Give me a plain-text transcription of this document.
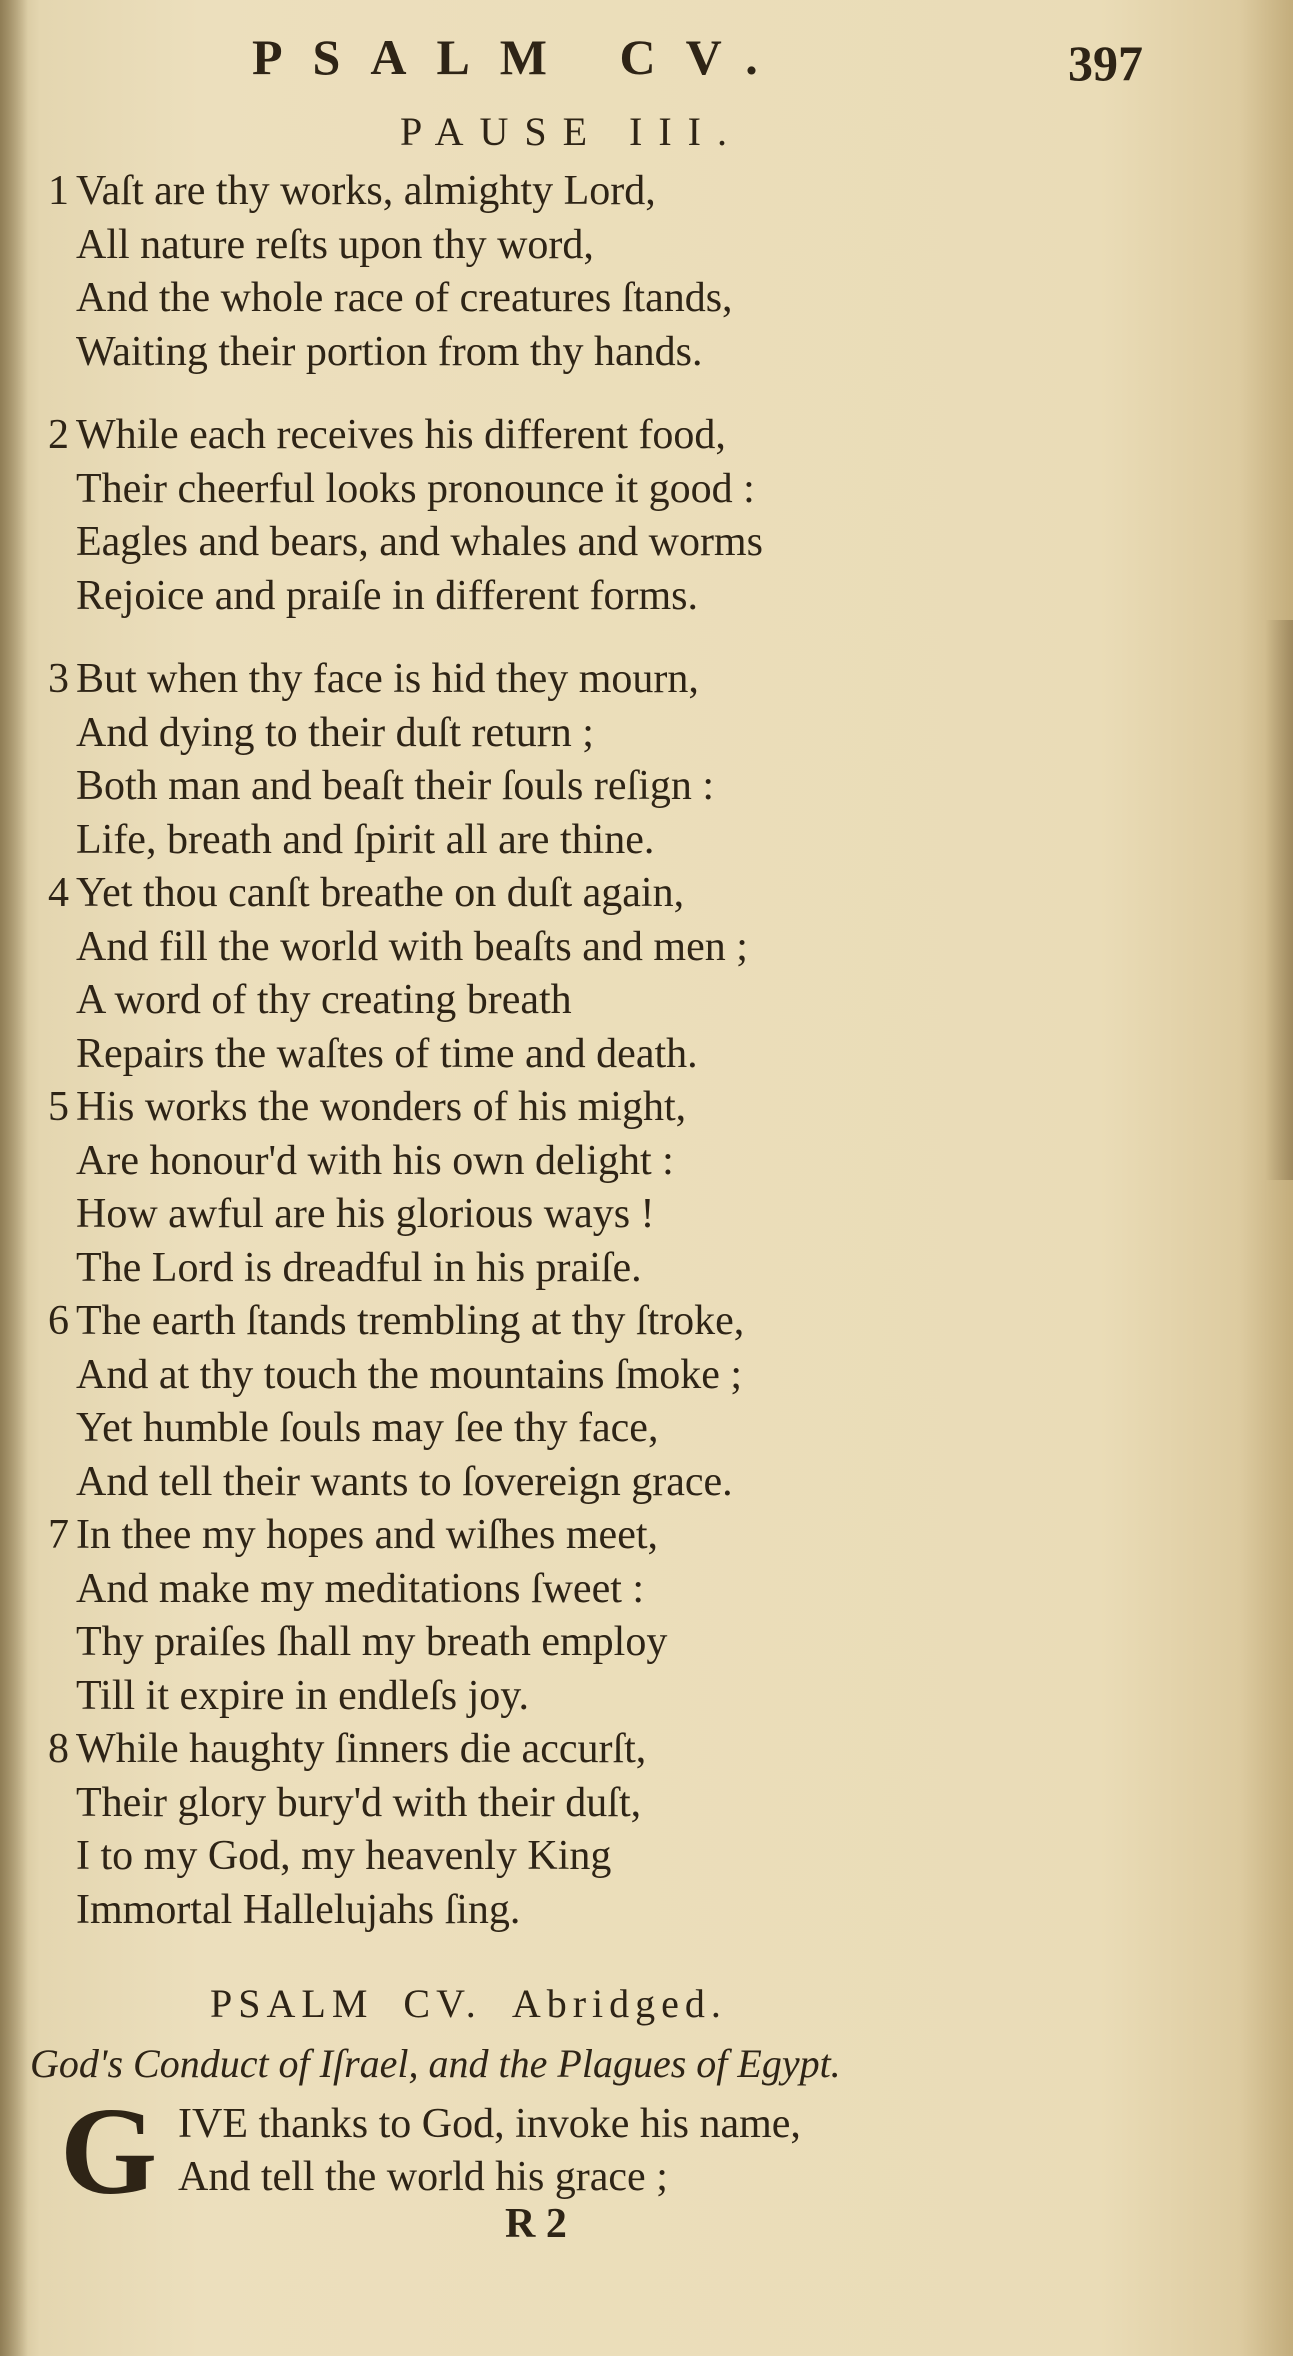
PSALM CV.	397
PAUSE III.
1 Vaſt are thy works, almighty Lord,
All nature reſts upon thy word,
And the whole race of creatures ſtands,
Waiting their portion from thy hands.
2 While each receives his different food,
Their cheerful looks pronounce it good :
Eagles and bears, and whales and worms
Rejoice and praiſe in different forms.
3 But when thy face is hid they mourn,
And dying to their duſt return ;
Both man and beaſt their ſouls reſign :
Life, breath and ſpirit all are thine.
4 Yet thou canſt breathe on duſt again,
And fill the world with beaſts and men ;
A word of thy creating breath
Repairs the waſtes of time and death.
5 His works the wonders of his might,
Are honour'd with his own delight :
How awful are his glorious ways !
The Lord is dreadful in his praiſe.
6 The earth ſtands trembling at thy ſtroke,
And at thy touch the mountains ſmoke ;
Yet humble ſouls may ſee thy face,
And tell their wants to ſovereign grace.
7 In thee my hopes and wiſhes meet,
And make my meditations ſweet :
Thy praiſes ſhall my breath employ
Till it expire in endleſs joy.
8 While haughty ſinners die accurſt,
Their glory bury'd with their duſt,
I to my God, my heavenly King
Immortal Hallelujahs ſing.
PSALM CV. Abridged.
God's Conduct of Iſrael, and the Plagues of Egypt.
G IVE thanks to God, invoke his name,
And tell the world his grace ;
R 2
